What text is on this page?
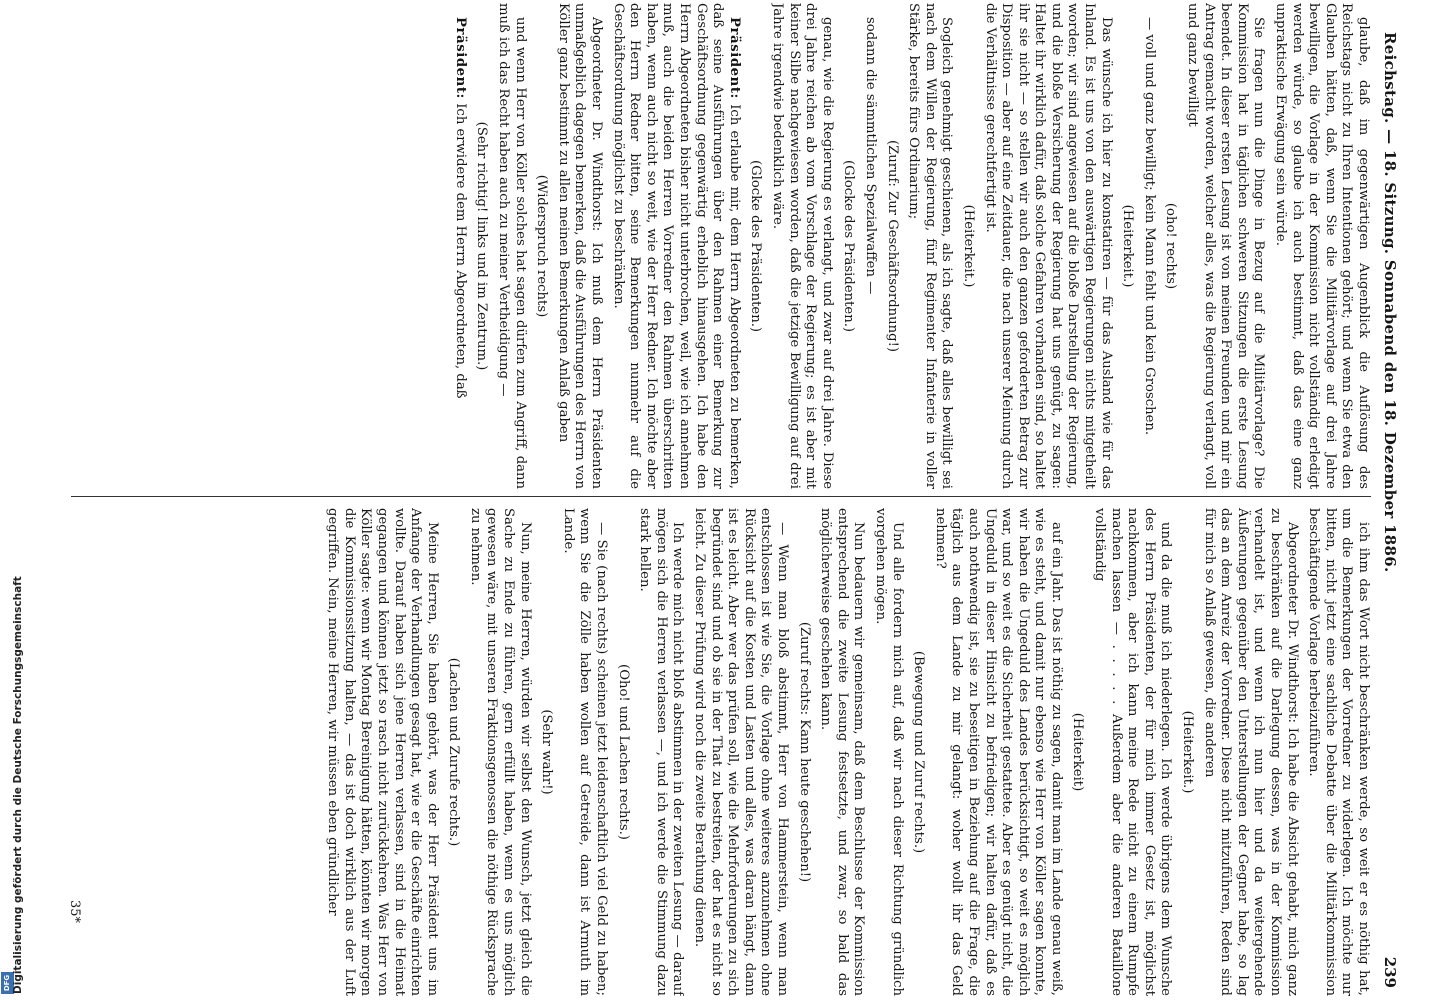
Reichstag. — 18. Sitzung. Sonnabend den 18. Dezember 1886.
239
glaube, daß im gegenwärtigen Augenblick die Auflösung des Reichstags nicht zu Ihren Intentionen gehört; und wenn Sie etwa den Glauben hätten, daß, wenn Sie die Militärvorlage auf drei Jahre bewilligen, die Vorlage in der Kommission nicht vollständig erledigt werden würde, so glaube ich auch bestimmt, daß das eine ganz unpraktische Erwägung sein würde.
Sie fragen nun die Dinge in Bezug auf die Militärvorlage? Die Kommission hat in täglichen schweren Sitzungen die erste Lesung beendet. In dieser ersten Lesung ist von meinen Freunden und mir ein Antrag gemacht worden, welcher alles, was die Regierung verlangt, voll und ganz bewilligt
(oho! rechts)
— voll und ganz bewilligt; kein Mann fehlt und kein Groschen.
(Heiterkeit.)
Das wünsche ich hier zu konstatiren — für das Ausland wie für das Inland. Es ist uns von den auswärtigen Regierungen nichts mitgetheilt worden; wir sind angewiesen auf die bloße Darstellung der Regierung, und die bloße Versicherung der Regierung hat uns genügt, zu sagen: Haltet ihr wirklich dafür, daß solche Gefahren vorhanden sind, so haltet ihr sie nicht — so stellen wir auch den ganzen geforderten Betrag zur Disposition — aber auf eine Zeitdauer, die nach unserer Meinung durch die Verhältnisse gerechtfertigt ist.
(Heiterkeit.)
Sogleich genehmigt geschienen, als ich sagte, daß alles bewilligt sei nach dem Willen der Regierung, fünf Regimenter Infanterie in voller Stärke, bereits fürs Ordinarium;
(Zuruf: Zur Geschäftsordnung!)
sodann die sämmtlichen Spezialwaffen —
(Glocke des Präsidenten.)
genau, wie die Regierung es verlangt, und zwar auf drei Jahre. Diese drei Jahre reichen ab vom Vorschlage der Regierung; es ist aber mit keiner Silbe nachgewiesen worden, daß die jetzige Bewilligung auf drei Jahre irgendwie bedenklich wäre.
(Glocke des Präsidenten.)
Präsident: Ich erlaube mir, dem Herrn Abgeordneten zu bemerken, daß seine Ausführungen über den Rahmen einer Bemerkung zur Geschäftsordnung gegenwärtig erheblich hinausgehen. Ich habe den Herrn Abgeordneten bisher nicht unterbrochen, weil, wie ich annehmen muß, auch die beiden Herren Vorredner den Rahmen überschritten haben, wenn auch nicht so weit, wie der Herr Redner. Ich möchte aber den Herrn Redner bitten, seine Bemerkungen nunmehr auf die Geschäftsordnung möglichst zu beschränken.
Abgeordneter Dr. Windthorst: Ich muß dem Herrn Präsidenten unmaßgeblich dagegen bemerken, daß die Ausführungen des Herrn von Köller ganz bestimmt zu allen meinen Bemerkungen Anlaß gaben
(Widerspruch rechts)
und wenn Herr von Köller solches hat sagen dürfen zum Angriff, dann muß ich das Recht haben auch zu meiner Vertheidigung —
(Sehr richtig! links und im Zentrum.)
Präsident: Ich erwidere dem Herrn Abgeordneten, daß
ich ihm das Wort nicht beschränken werde, so weit er es nöthig hat, um die Bemerkungen der Vorredner zu widerlegen. Ich möchte nur bitten, nicht jetzt eine sachliche Debatte über die Militärkommission beschäftigende Vorlage herbeizuführen.
Abgeordneter Dr. Windthorst: Ich habe die Absicht gehabt, mich ganz zu beschränken auf die Darlegung dessen, was in der Kommission verhandelt ist, und wenn ich nun hier und da weitergehende Äußerungen gegenüber den Unterstellungen der Gegner habe, so lag das an dem Anreiz der Vorredner. Diese nicht mitzuführen, Reden sind für mich so Anlaß gewesen, die anderen
(Heiterkeit.)
und da die muß ich niederlegen. Ich werde übrigens dem Wunsche des Herrn Präsidenten, der für mich immer Gesetz ist, möglichst nachkommen, aber ich kann meine Rede nicht zu einem Rumpfe machen lassen — . . . . . Außerdem aber die anderen Bataillone vollständig
(Heiterkeit)
auf ein Jahr. Das ist nöthig zu sagen, damit man im Lande genau weiß, wie es steht, und damit nur ebenso wie Herr von Köller sagen konnte, wir haben die Ungeduld des Landes berücksichtigt, so weit es möglich war, und so weit es die Sicherheit gestattete. Aber es genügt nicht, die Ungeduld in dieser Hinsicht zu befriedigen; wir halten dafür, daß es auch nothwendig ist, sie zu beseitigen in Beziehung auf die Frage, die täglich aus dem Lande zu mir gelangt: woher wollt ihr das Geld nehmen?
(Bewegung und Zuruf rechts.)
Und alle fordern mich auf, daß wir nach dieser Richtung gründlich vorgehen mögen.
Nun bedauern wir gemeinsam, daß dem Beschlusse der Kommission entsprechend die zweite Lesung festsetzte, und zwar, so bald das möglicherweise geschehen kann.
(Zuruf rechts: Kann heute geschehen!)
— Wenn man bloß abstimmt, Herr von Hammerstein, wenn man entschlossen ist wie Sie, die Vorlage ohne weiteres anzunehmen ohne Rücksicht auf die Kosten und Lasten und alles, was daran hängt, dann ist es leicht. Aber wer das prüfen soll, wie die Mehrforderungen zu sich begründet sind und ob sie in der That zu bestreiten, der hat es nicht so leicht. Zu dieser Prüfung wird noch die zweite Berathung dienen.
Ich werde mich nicht bloß abstimmen in der zweiten Lesung — darauf mögen sich die Herren verlassen —, und ich werde die Stimmung dazu stark hellen.
(Oho! und Lachen rechts.)
— Sie (nach rechts) scheinen jetzt leidenschaftlich viel Geld zu haben; wenn Sie die Zölle haben wollen auf Getreide, dann ist Armuth im Lande.
(Sehr wahr!)
Nun, meine Herren, würden wir selbst den Wunsch, jetzt gleich die Sache zu Ende zu führen, gern erfüllt haben, wenn es uns möglich gewesen wäre, mit unseren Fraktionsgenossen die nöthige Rücksprache zu nehmen.
(Lachen und Zurufe rechts.)
Meine Herren, Sie haben gehört, was der Herr Präsident uns im Anfange der Verhandlungen gesagt hat, wie er die Geschäfte einrichten wollte. Darauf haben sich jene Herren verlassen, sind in die Heimat gegangen und können jetzt so rasch nicht zurückkehren. Was Herr von Köller sagte: wenn wir Montag Bereinigung hätten, könnten wir morgen die Kommissionssitzung halten, — das ist doch wirklich aus der Luft gegriffen. Nein, meine Herren, wir müssen eben gründlicher
35*
DFG Digitalisierung gefördert durch die Deutsche Forschungsgemeinschaft
